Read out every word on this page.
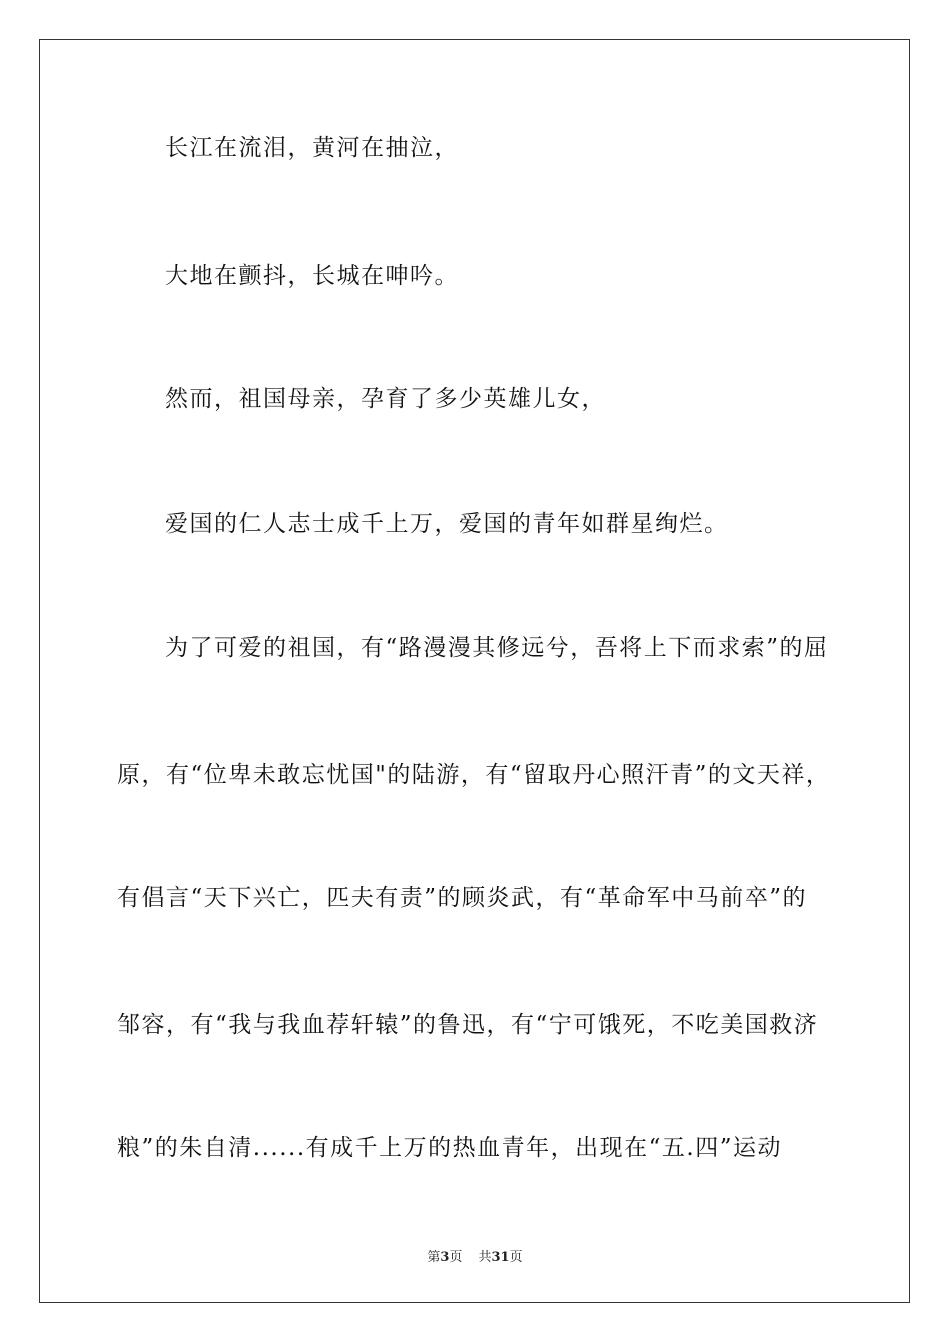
长江在流泪，黄河在抽泣，
大地在颤抖，长城在呻吟。
然而，祖国母亲，孕育了多少英雄儿女，
爱国的仁人志士成千上万，爱国的青年如群星绚烂。
为了可爱的祖国，有“路漫漫其修远兮，吾将上下而求索”的屈
原，有“位卑未敢忘忧国"的陆游，有“留取丹心照汗青”的文天祥，
有倡言“天下兴亡，匹夫有责”的顾炎武，有“革命军中马前卒”的
邹容，有“我与我血荐轩辕”的鲁迅，有“宁可饿死，不吃美国救济
粮”的朱自清......有成千上万的热血青年，出现在“五.四”运动
第3页 共31页
